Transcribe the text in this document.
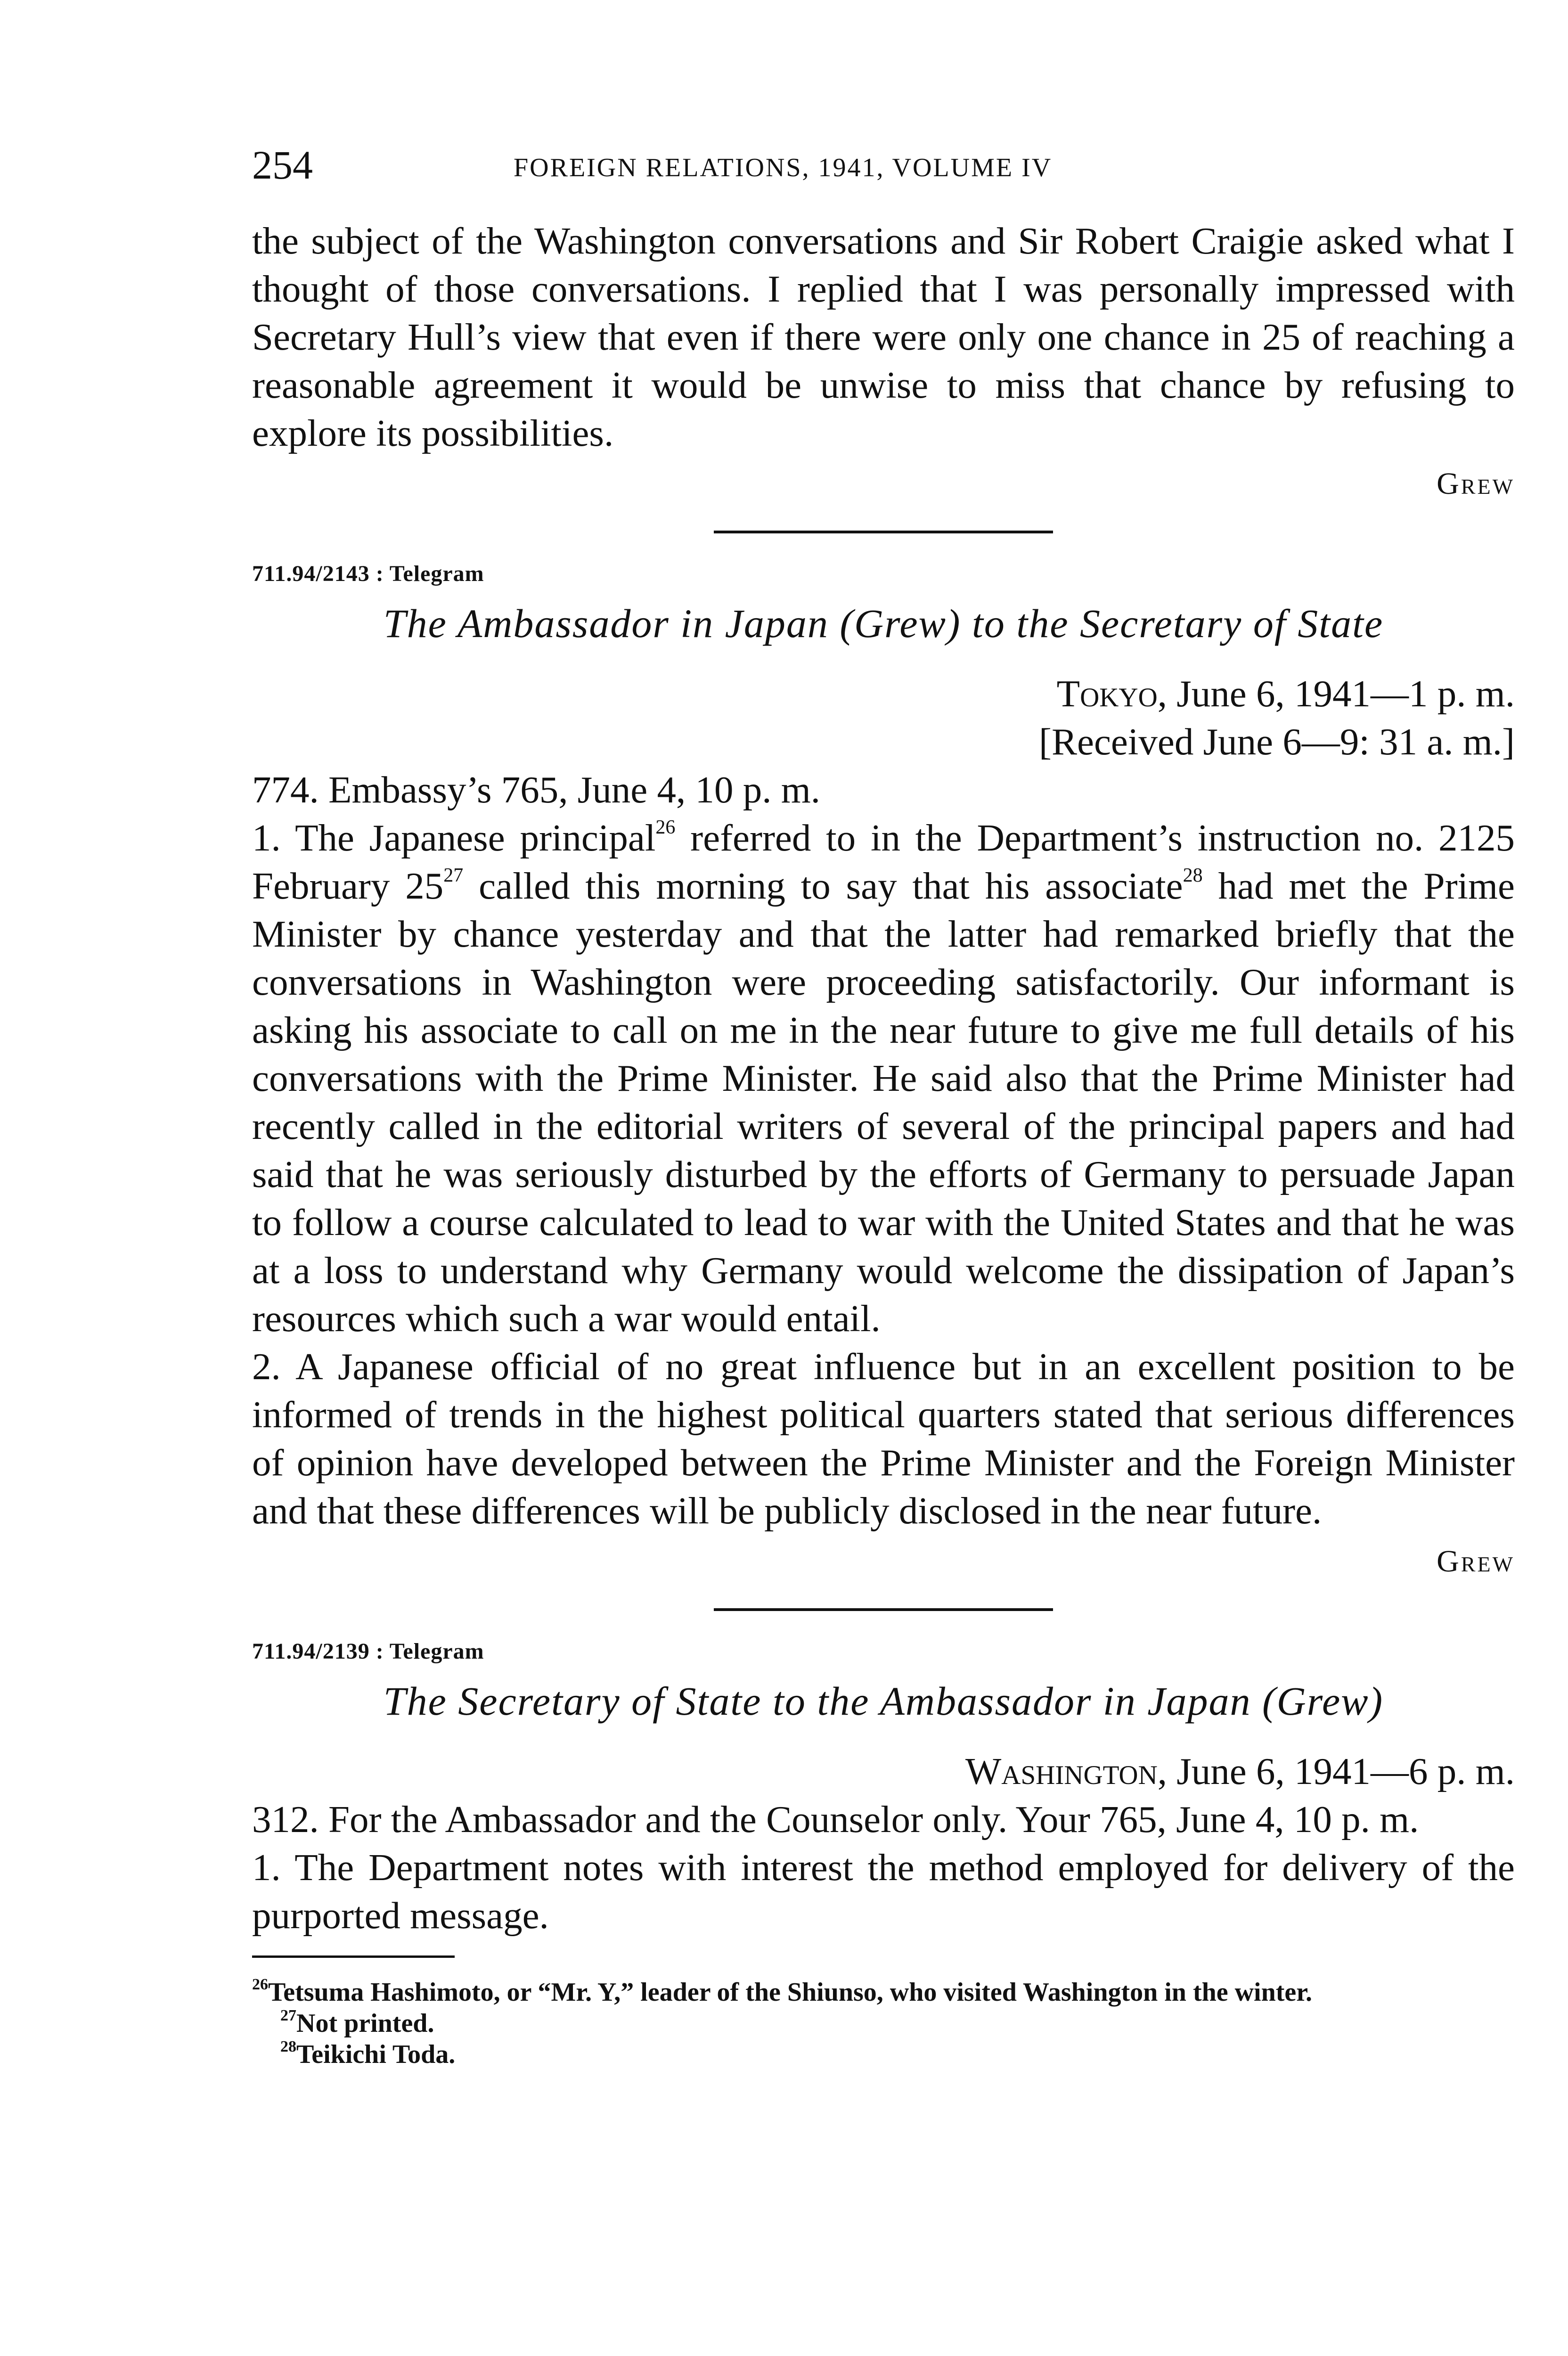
254	FOREIGN RELATIONS, 1941, VOLUME IV

the subject of the Washington conversations and Sir Robert Craigie asked what I thought of those conversations. I replied that I was personally impressed with Secretary Hull’s view that even if there were only one chance in 25 of reaching a reasonable agreement it would be unwise to miss that chance by refusing to explore its possibilities.

Grew
711.94/2143 : Telegram
The Ambassador in Japan (Grew) to the Secretary of State
Tokyo, June 6, 1941—1 p. m.
[Received June 6—9: 31 a. m.]

774. Embassy’s 765, June 4, 10 p. m.

1. The Japanese principal$^{26}$ referred to in the Department’s instruction no. 2125 February $25^{27}$ called this morning to say that his associate$^{28}$ had met the Prime Minister by chance yesterday and that the latter had remarked briefly that the conversations in Washington were proceeding satisfactorily. Our informant is asking his associate to call on me in the near future to give me full details of his conversations with the Prime Minister. He said also that the Prime Minister had recently called in the editorial writers of several of the principal papers and had said that he was seriously disturbed by the efforts of Germany to persuade Japan to follow a course calculated to lead to war with the United States and that he was at a loss to understand why Germany would welcome the dissipation of Japan’s resources which such a war would entail.

2. A Japanese official of no great influence but in an excellent position to be informed of trends in the highest political quarters stated that serious differences of opinion have developed between the Prime Minister and the Foreign Minister and that these differences will be publicly disclosed in the near future.

Grew
711.94/2139 : Telegram
The Secretary of State to the Ambassador in Japan (Grew)
Washington, June 6, 1941—6 p. m.

312. For the Ambassador and the Counselor only. Your 765, June 4, 10 p. m.

1. The Department notes with interest the method employed for delivery of the purported message.

$^{26}$Tetsuma Hashimoto, or “Mr. Y,” leader of the Shiunso, who visited Washington in the winter.
$^{27}$Not printed.
$^{28}$Teikichi Toda.
